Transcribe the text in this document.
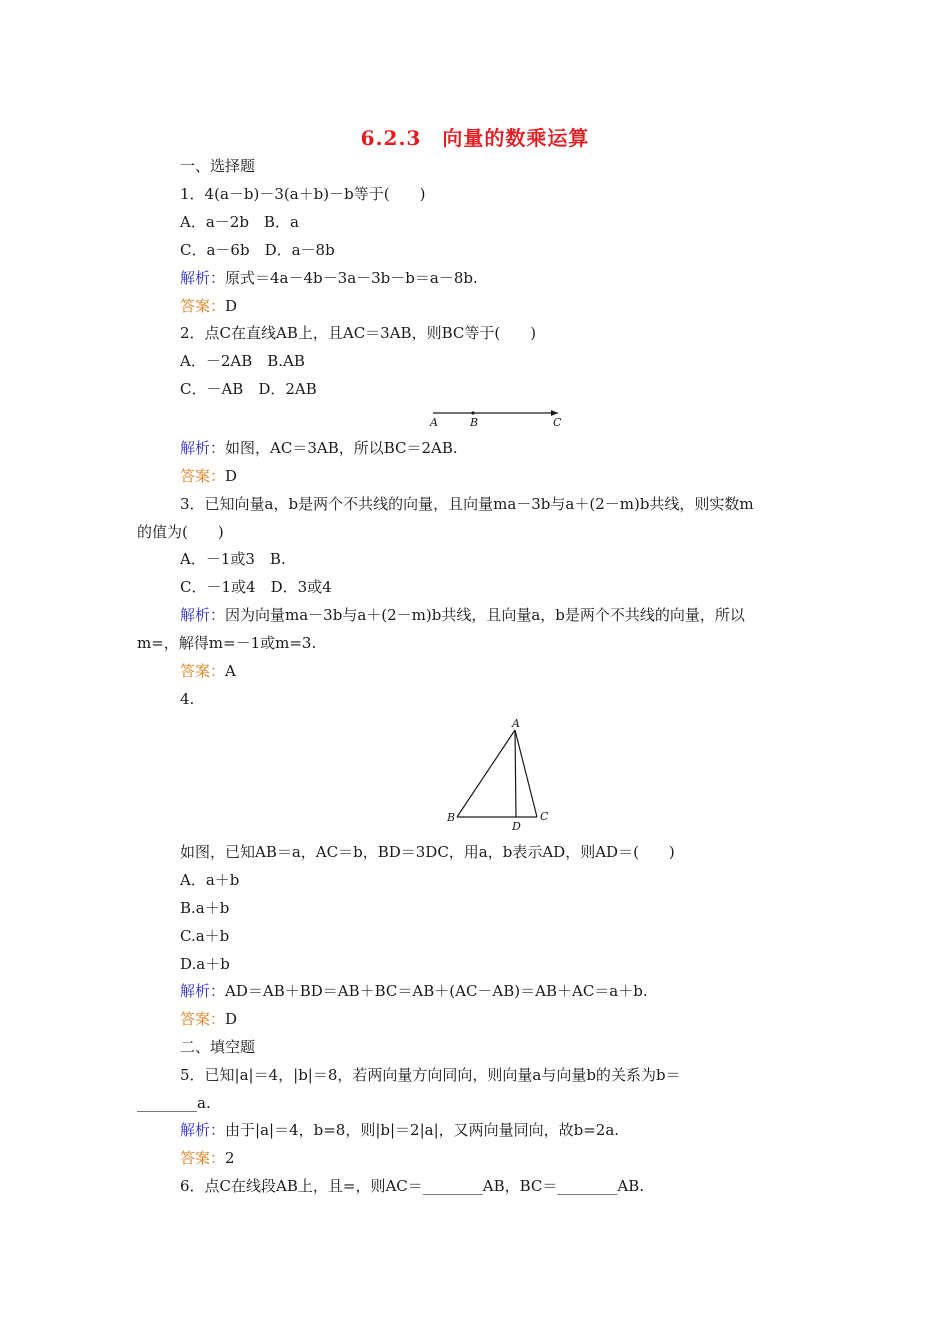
6.2.3　向量的数乘运算
一、选择题
1．4(a－b)－3(a＋b)－b等于(　　)
A．a－2b　B．a
C．a－6b　D．a－8b
解析：原式＝4a－4b－3a－3b－b＝a－8b.
答案：D
2．点C在直线AB上，且AC＝3AB，则BC等于(　　)
A．－2AB　B.AB
C．－AB　D．2AB
A	B	C
解析：如图，AC＝3AB，所以BC＝2AB.
答案：D
3．已知向量a，b是两个不共线的向量，且向量ma－3b与a＋(2－m)b共线，则实数m
的值为(　　)
A．－1或3　B.
C．－1或4　D．3或4
解析：因为向量ma－3b与a＋(2－m)b共线，且向量a，b是两个不共线的向量，所以
m=，解得m=－1或m=3.
答案：A
4.
A
B	C
D
如图，已知AB＝a，AC＝b，BD＝3DC，用a，b表示AD，则AD＝(　　)
A．a＋b
B.a＋b
C.a＋b
D.a＋b
解析：AD＝AB＋BD＝AB＋BC＝AB＋(AC－AB)＝AB＋AC＝a＋b.
答案：D
二、填空题
5．已知|a|＝4，|b|＝8，若两向量方向同向，则向量a与向量b的关系为b＝
________a.
解析：由于|a|＝4，b=8，则|b|＝2|a|，又两向量同向，故b=2a.
答案：2
6．点C在线段AB上，且=，则AC＝________AB，BC＝________AB.
